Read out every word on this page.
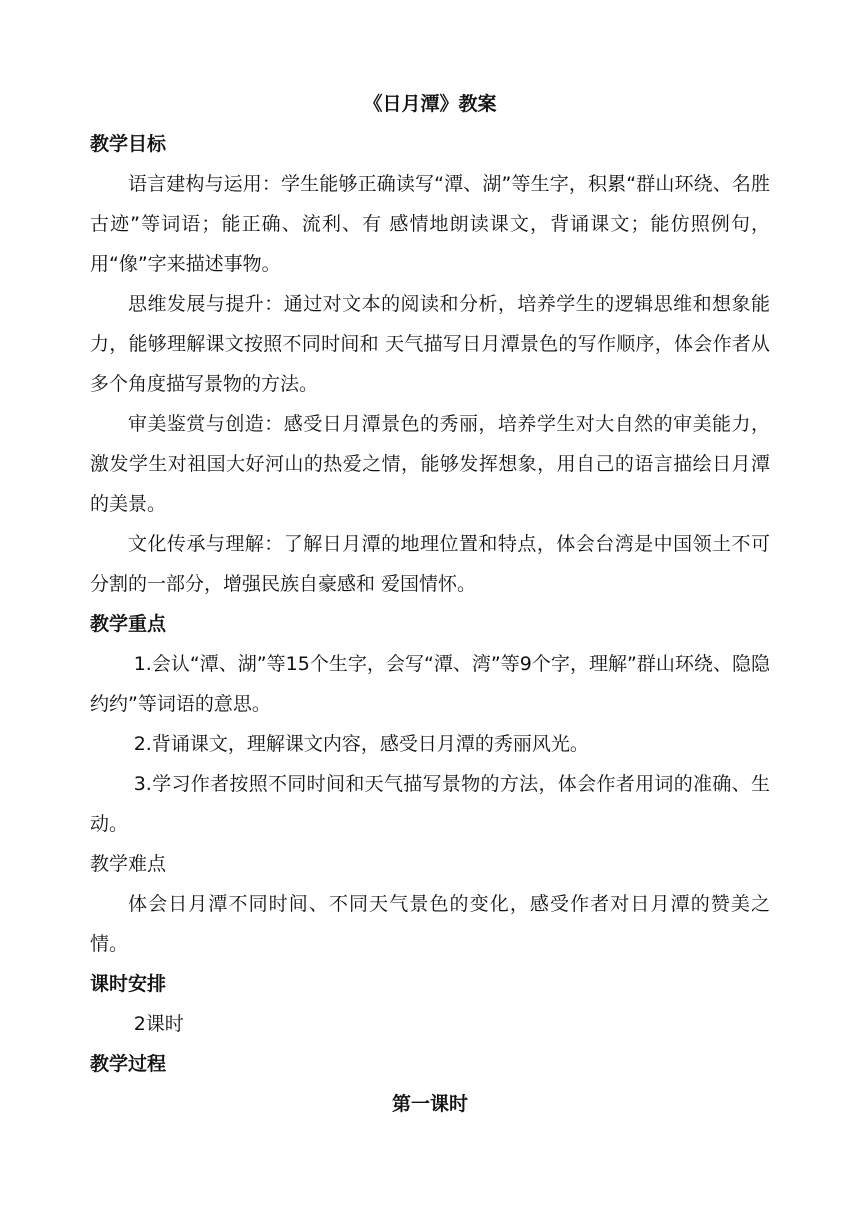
《日月潭》教案

教学目标

语言建构与运用：学生能够正确读写“潭、湖”等生字，积累“群山环绕、名胜古迹”等词语；能正确、流利、有 感情地朗读课文，背诵课文；能仿照例句，用“像”字来描述事物。

思维发展与提升：通过对文本的阅读和分析，培养学生的逻辑思维和想象能力，能够理解课文按照不同时间和 天气描写日月潭景色的写作顺序，体会作者从多个角度描写景物的方法。

审美鉴赏与创造：感受日月潭景色的秀丽，培养学生对大自然的审美能力，激发学生对祖国大好河山的热爱之情，能够发挥想象，用自己的语言描绘日月潭的美景。

文化传承与理解：了解日月潭的地理位置和特点，体会台湾是中国领土不可分割的一部分，增强民族自豪感和 爱国情怀。

教学重点

1.会认“潭、湖”等15个生字，会写“潭、湾”等9个字，理解”群山环绕、隐隐约约”等词语的意思。

2.背诵课文，理解课文内容，感受日月潭的秀丽风光。

3.学习作者按照不同时间和天气描写景物的方法，体会作者用词的准确、生动。

教学难点

体会日月潭不同时间、不同天气景色的变化，感受作者对日月潭的赞美之情。

课时安排

2课时

教学过程

第一课时
